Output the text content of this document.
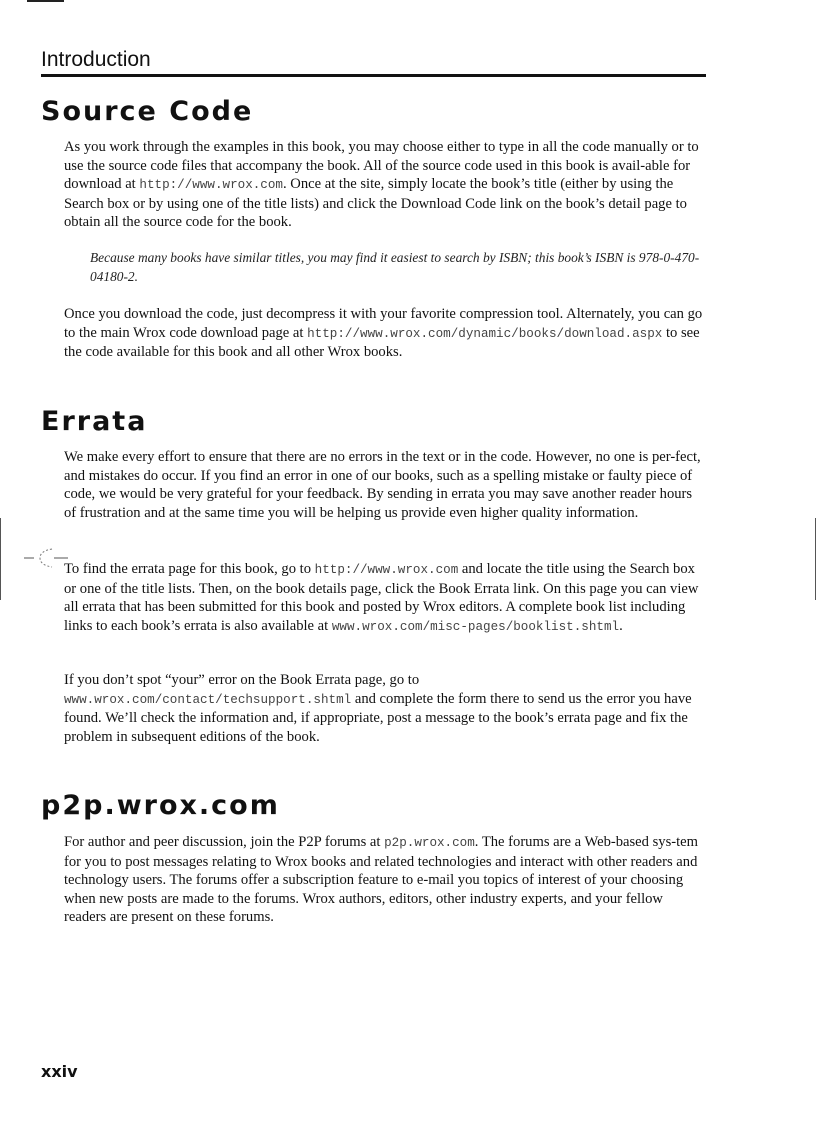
Introduction
Source Code

As you work through the examples in this book, you may choose either to type in all the code manually or to use the source code files that accompany the book. All of the source code used in this book is avail-able for download at http://www.wrox.com. Once at the site, simply locate the book’s title (either by using the Search box or by using one of the title lists) and click the Download Code link on the book’s detail page to obtain all the source code for the book.

Because many books have similar titles, you may find it easiest to search by ISBN; this book’s ISBN is 978-0-470-04180-2.

Once you download the code, just decompress it with your favorite compression tool. Alternately, you can go to the main Wrox code download page at http://www.wrox.com/dynamic/books/download.aspx to see the code available for this book and all other Wrox books.

Errata

We make every effort to ensure that there are no errors in the text or in the code. However, no one is per-fect, and mistakes do occur. If you find an error in one of our books, such as a spelling mistake or faulty piece of code, we would be very grateful for your feedback. By sending in errata you may save another reader hours of frustration and at the same time you will be helping us provide even higher quality information.

To find the errata page for this book, go to http://www.wrox.com and locate the title using the Search box or one of the title lists. Then, on the book details page, click the Book Errata link. On this page you can view all errata that has been submitted for this book and posted by Wrox editors. A complete book list including links to each book’s errata is also available at www.wrox.com/misc-pages/booklist.shtml.

If you don’t spot “your” error on the Book Errata page, go to www.wrox.com/contact/techsupport.shtml and complete the form there to send us the error you have found. We’ll check the information and, if appropriate, post a message to the book’s errata page and fix the problem in subsequent editions of the book.

p2p.wrox.com

For author and peer discussion, join the P2P forums at p2p.wrox.com. The forums are a Web-based sys-tem for you to post messages relating to Wrox books and related technologies and interact with other readers and technology users. The forums offer a subscription feature to e-mail you topics of interest of your choosing when new posts are made to the forums. Wrox authors, editors, other industry experts, and your fellow readers are present on these forums.

xxiv
